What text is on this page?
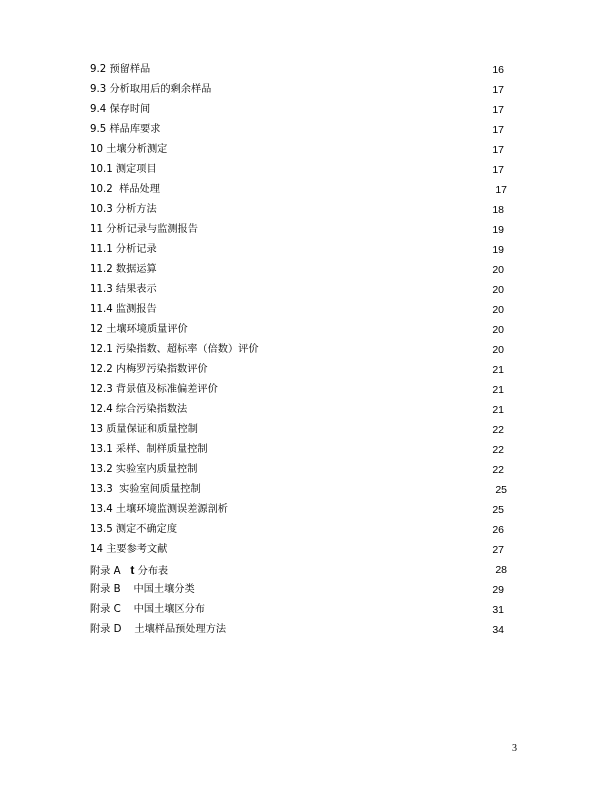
9.2 预留样品	16
9.3 分析取用后的剩余样品	17
9.4 保存时间	17
9.5 样品库要求	17
10 土壤分析测定	17
10.1 测定项目	17
10.2  样品处理	17
10.3 分析方法	18
11 分析记录与监测报告	19
11.1 分析记录	19
11.2 数据运算	20
11.3 结果表示	20
11.4 监测报告	20
12 土壤环境质量评价	20
12.1 污染指数、超标率（倍数）评价	20
12.2 内梅罗污染指数评价	21
12.3 背景值及标准偏差评价	21
12.4 综合污染指数法	21
13 质量保证和质量控制	22
13.1 采样、制样质量控制	22
13.2 实验室内质量控制	22
13.3  实验室间质量控制	25
13.4 土壤环境监测误差源剖析	25
13.5 测定不确定度	26
14 主要参考文献	27
附录 A t 分布表	28
附录 B    中国土壤分类	29
附录 C    中国土壤区分布	31
附录 D    土壤样品预处理方法	34
3
